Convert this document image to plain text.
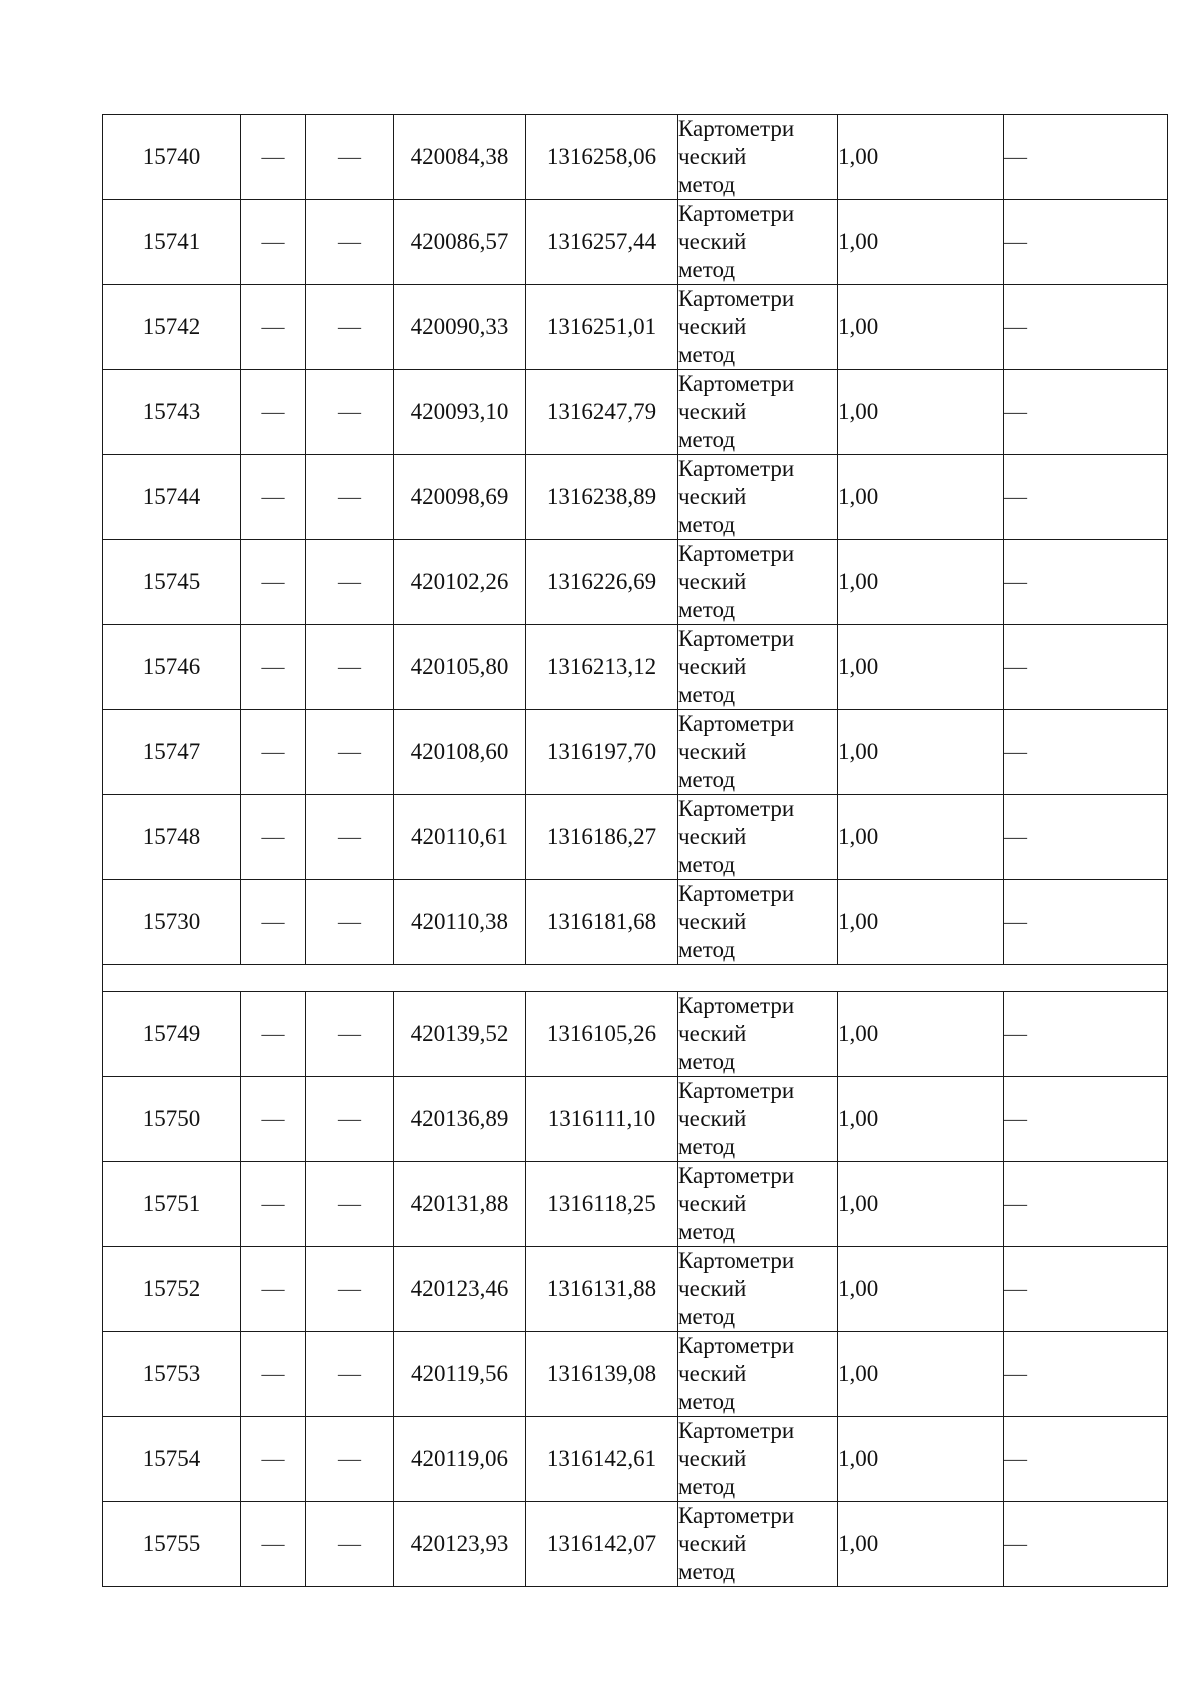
15740	—	—	420084,38	1316258,06	Картометри
ческий
метод	1,00	—
15741	—	—	420086,57	1316257,44	Картометри
ческий
метод	1,00	—
15742	—	—	420090,33	1316251,01	Картометри
ческий
метод	1,00	—
15743	—	—	420093,10	1316247,79	Картометри
ческий
метод	1,00	—
15744	—	—	420098,69	1316238,89	Картометри
ческий
метод	1,00	—
15745	—	—	420102,26	1316226,69	Картометри
ческий
метод	1,00	—
15746	—	—	420105,80	1316213,12	Картометри
ческий
метод	1,00	—
15747	—	—	420108,60	1316197,70	Картометри
ческий
метод	1,00	—
15748	—	—	420110,61	1316186,27	Картометри
ческий
метод	1,00	—
15730	—	—	420110,38	1316181,68	Картометри
ческий
метод	1,00	—

15749	—	—	420139,52	1316105,26	Картометри
ческий
метод	1,00	—
15750	—	—	420136,89	1316111,10	Картометри
ческий
метод	1,00	—
15751	—	—	420131,88	1316118,25	Картометри
ческий
метод	1,00	—
15752	—	—	420123,46	1316131,88	Картометри
ческий
метод	1,00	—
15753	—	—	420119,56	1316139,08	Картометри
ческий
метод	1,00	—
15754	—	—	420119,06	1316142,61	Картометри
ческий
метод	1,00	—
15755	—	—	420123,93	1316142,07	Картометри
ческий
метод	1,00	—
